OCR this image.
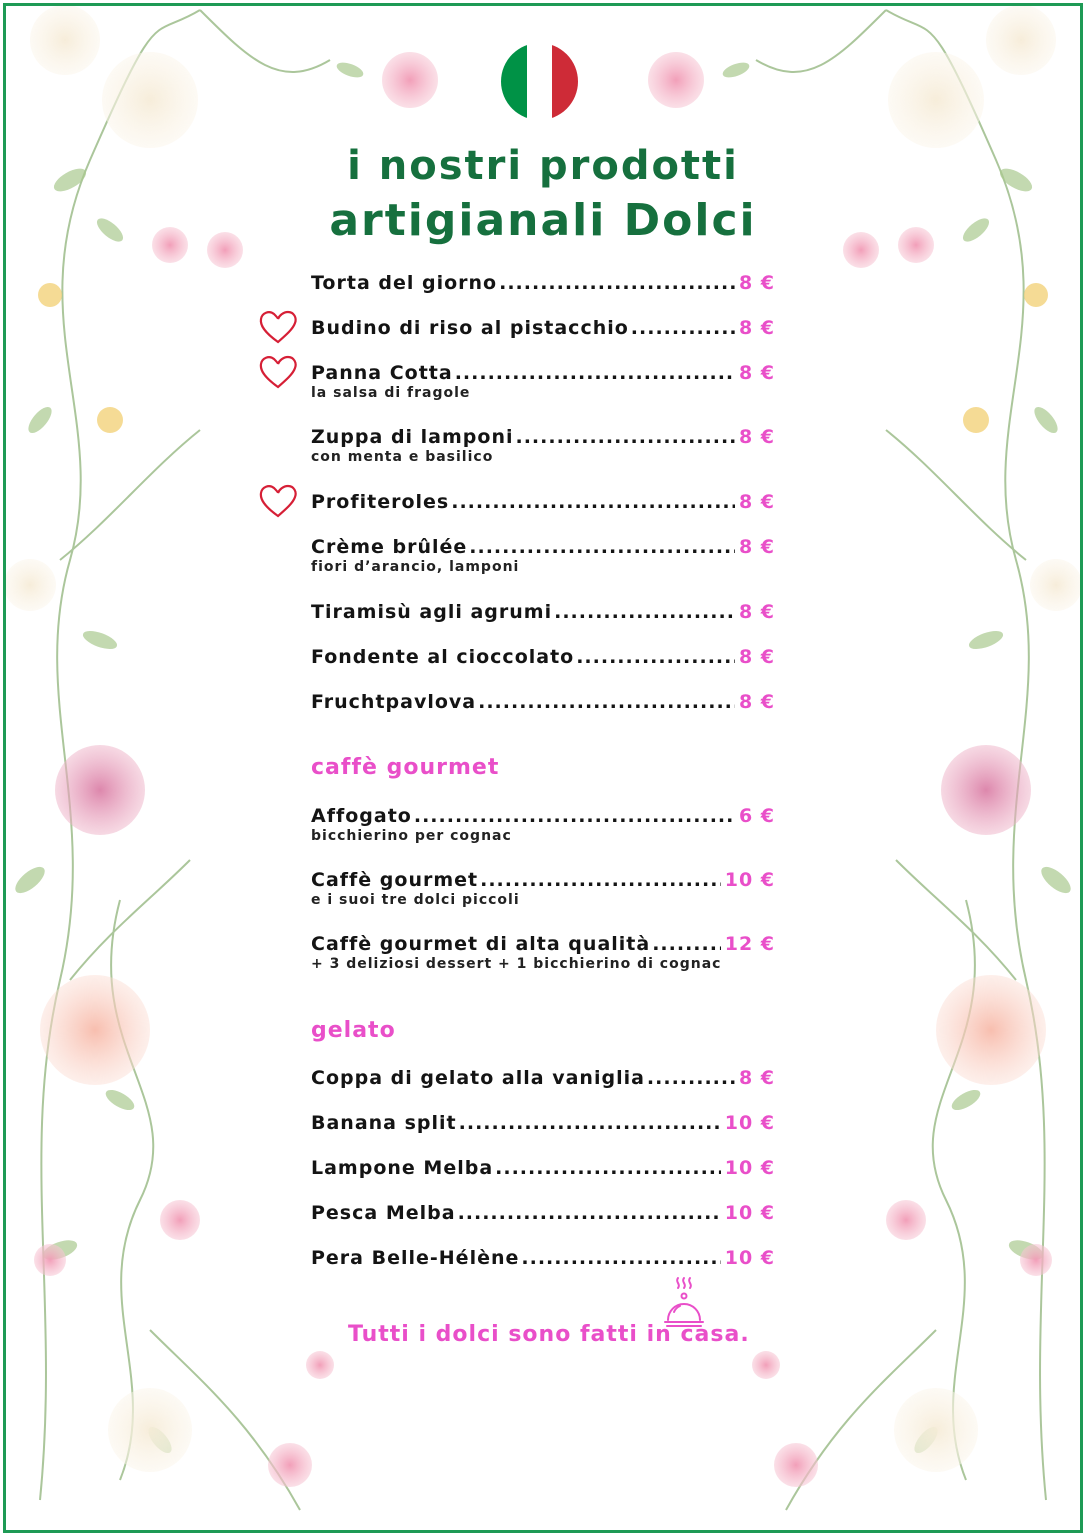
i nostri prodotti
artigianali Dolci
Torta del giorno .....	8 €
Budino di riso al pistacchio .....	8 €
Panna Cotta .....	8 €
la salsa di fragole
Zuppa di lamponi .....	8 €
con menta e basilico
Profiteroles .....	8 €
Crème brûlée .....	8 €
fiori d’arancio, lamponi
Tiramisù agli agrumi .....	8 €
Fondente al cioccolato .....	8 €
Fruchtpavlova .....	8 €
caffè gourmet
Affogato .....	6 €
bicchierino per cognac
Caffè gourmet .....	10 €
e i suoi tre dolci piccoli
Caffè gourmet di alta qualità .....	12 €
+ 3 deliziosi dessert + 1 bicchierino di cognac
gelato
Coppa di gelato alla vaniglia .....	8 €
Banana split .....	10 €
Lampone Melba .....	10 €
Pesca Melba .....	10 €
Pera Belle-Hélène .....	10 €
Tutti i dolci sono fatti in casa.
